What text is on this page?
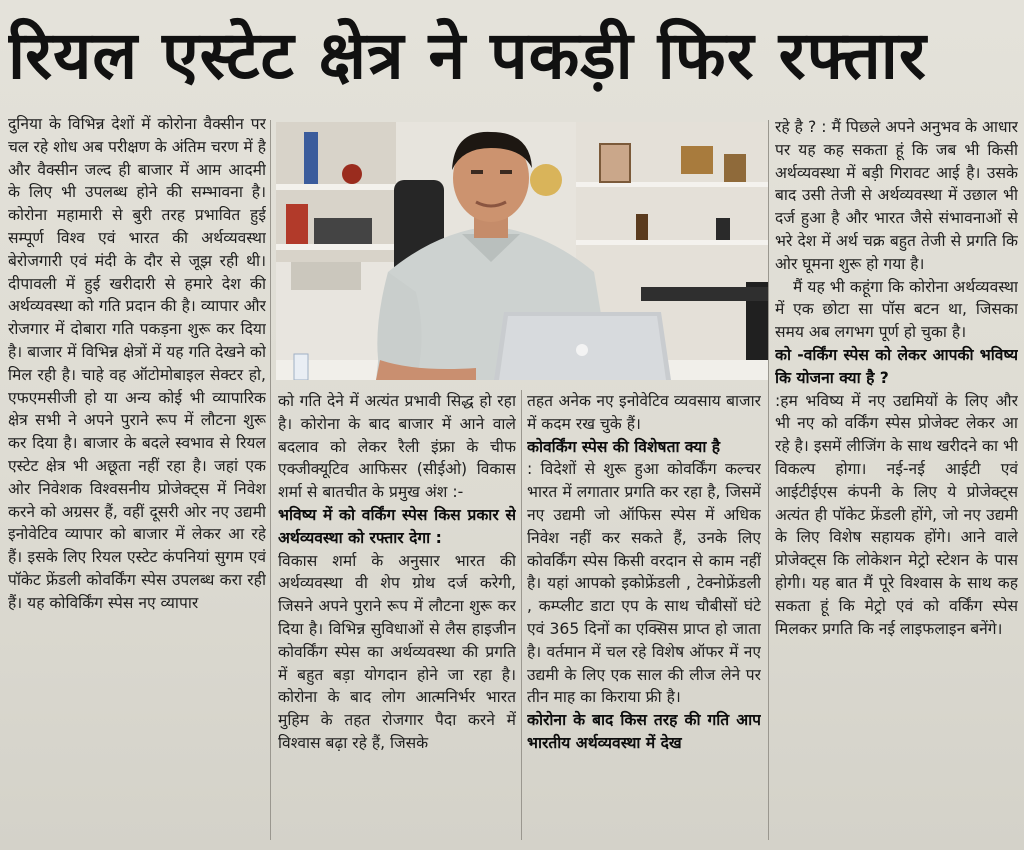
रियल एस्टेट क्षेत्र ने पकड़ी फिर रफ्तार

दुनिया के विभिन्न देशों में कोरोना वैक्सीन पर चल रहे शोध अब परीक्षण के अंतिम चरण में है और वैक्सीन जल्द ही बाजार में आम आदमी के लिए भी उपलब्ध होने की सम्भावना है। कोरोना महामारी से बुरी तरह प्रभावित हुई सम्पूर्ण विश्व एवं भारत की अर्थव्यवस्था बेरोजगारी एवं मंदी के दौर से जूझ रही थी। दीपावली में हुई खरीदारी से हमारे देश की अर्थव्यवस्था को गति प्रदान की है। व्यापार और रोजगार में दोबारा गति पकड़ना शुरू कर दिया है। बाजार में विभिन्न क्षेत्रों में यह गति देखने को मिल रही है। चाहे वह ऑटोमोबाइल सेक्टर हो, एफएमसीजी हो या अन्य कोई भी व्यापारिक क्षेत्र सभी ने अपने पुराने रूप में लौटना शुरू कर दिया है। बाजार के बदले स्वभाव से रियल एस्टेट क्षेत्र भी अछूता नहीं रहा है। जहां एक ओर निवेशक विश्वसनीय प्रोजेक्ट्स में निवेश करने को अग्रसर हैं, वहीं दूसरी ओर नए उद्यमी इनोवेटिव व्यापार को बाजार में लेकर आ रहे हैं। इसके लिए रियल एस्टेट कंपनियां सुगम एवं पॉकेट फ्रेंडली कोवर्किंग स्पेस उपलब्ध करा रही हैं। यह कोविर्किंग स्पेस नए व्यापार

को गति देने में अत्यंत प्रभावी सिद्ध हो रहा है। कोरोना के बाद बाजार में आने वाले बदलाव को लेकर रैली इंफ्रा के चीफ एक्जीक्यूटिव आफिसर (सीईओ) विकास शर्मा से बातचीत के प्रमुख अंश :-

भविष्य में को वर्किंग स्पेस किस प्रकार से अर्थव्यवस्था को रफ्तार देगा :

विकास शर्मा के अनुसार भारत की अर्थव्यवस्था वी शेप ग्रोथ दर्ज करेगी, जिसने अपने पुराने रूप में लौटना शुरू कर दिया है। विभिन्न सुविधाओं से लैस हाइजीन कोवर्किंग स्पेस का अर्थव्यवस्था की प्रगति में बहुत बड़ा योगदान होने जा रहा है। कोरोना के बाद लोग आत्मनिर्भर भारत मुहिम के तहत रोजगार पैदा करने में विश्वास बढ़ा रहे हैं, जिसके

तहत अनेक नए इनोवेटिव व्यवसाय बाजार में कदम रख चुके हैं।

कोवर्किंग स्पेस की विशेषता क्या है

: विदेशों से शुरू हुआ कोवर्किंग कल्चर भारत में लगातार प्रगति कर रहा है, जिसमें नए उद्यमी जो ऑफिस स्पेस में अधिक निवेश नहीं कर सकते हैं, उनके लिए कोवर्किंग स्पेस किसी वरदान से काम नहीं है। यहां आपको इकोफ्रेंडली , टेक्नोफ्रेंडली , कम्प्लीट डाटा एप के साथ चौबीसों घंटे एवं 365 दिनों का एक्सिस प्राप्त हो जाता है। वर्तमान में चल रहे विशेष ऑफर में नए उद्यमी के लिए एक साल की लीज लेने पर तीन माह का किराया फ्री है।

कोरोना के बाद किस तरह की गति आप भारतीय अर्थव्यवस्था में देख

रहे है ? : मैं पिछले अपने अनुभव के आधार पर यह कह सकता हूं कि जब भी किसी अर्थव्यवस्था में बड़ी गिरावट आई है। उसके बाद उसी तेजी से अर्थव्यवस्था में उछाल भी दर्ज हुआ है और भारत जैसे संभावनाओं से भरे देश में अर्थ चक्र बहुत तेजी से प्रगति कि ओर घूमना शुरू हो गया है।

मैं यह भी कहूंगा कि कोरोना अर्थव्यवस्था में एक छोटा सा पॉस बटन था, जिसका समय अब लगभग पूर्ण हो चुका है।

को -वर्किंग स्पेस को लेकर आपकी भविष्य कि योजना क्या है ?

:हम भविष्य में नए उद्यमियों के लिए और भी नए को वर्किंग स्पेस प्रोजेक्ट लेकर आ रहे है। इसमें लीजिंग के साथ खरीदने का भी विकल्प होगा। नई-नई आईटी एवं आईटीईएस कंपनी के लिए ये प्रोजेक्ट्स अत्यंत ही पॉकेट फ्रेंडली होंगे, जो नए उद्यमी के लिए विशेष सहायक होंगे। आने वाले प्रोजेक्ट्स कि लोकेशन मेट्रो स्टेशन के पास होगी। यह बात मैं पूरे विश्वास के साथ कह सकता हूं कि मेट्रो एवं को वर्किंग स्पेस मिलकर प्रगति कि नई लाइफलाइन बनेंगे।
